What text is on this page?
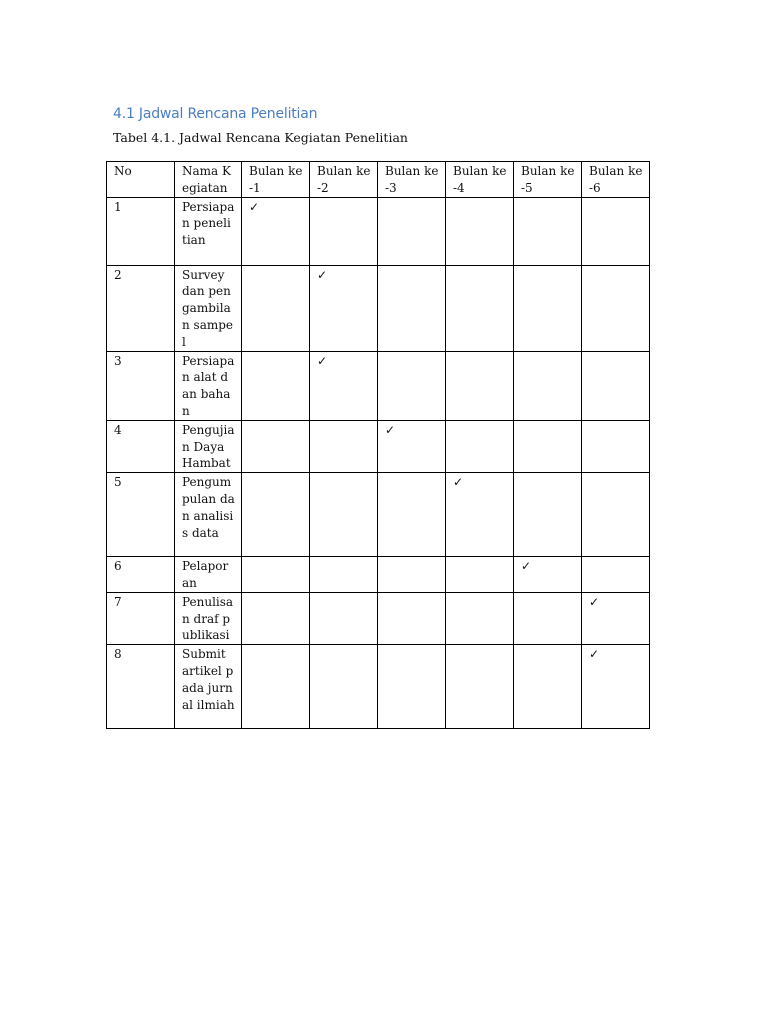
4.1 Jadwal Rencana Penelitian

Tabel 4.1. Jadwal Rencana Kegiatan Penelitian

No	Nama Kegiatan	Bulan ke-1	Bulan ke-2	Bulan ke-3	Bulan ke-4	Bulan ke-5	Bulan ke-6
1	Persiapan penelitian	✓					
2	Survey dan pengambilan sampel		✓				
3	Persiapan alat dan bahan		✓				
4	Pengujian Daya Hambat			✓			
5	Pengumpulan dan analisis data				✓		
6	Pelaporan					✓	
7	Penulisan draf publikasi						✓
8	Submit artikel pada jurnal ilmiah						✓
